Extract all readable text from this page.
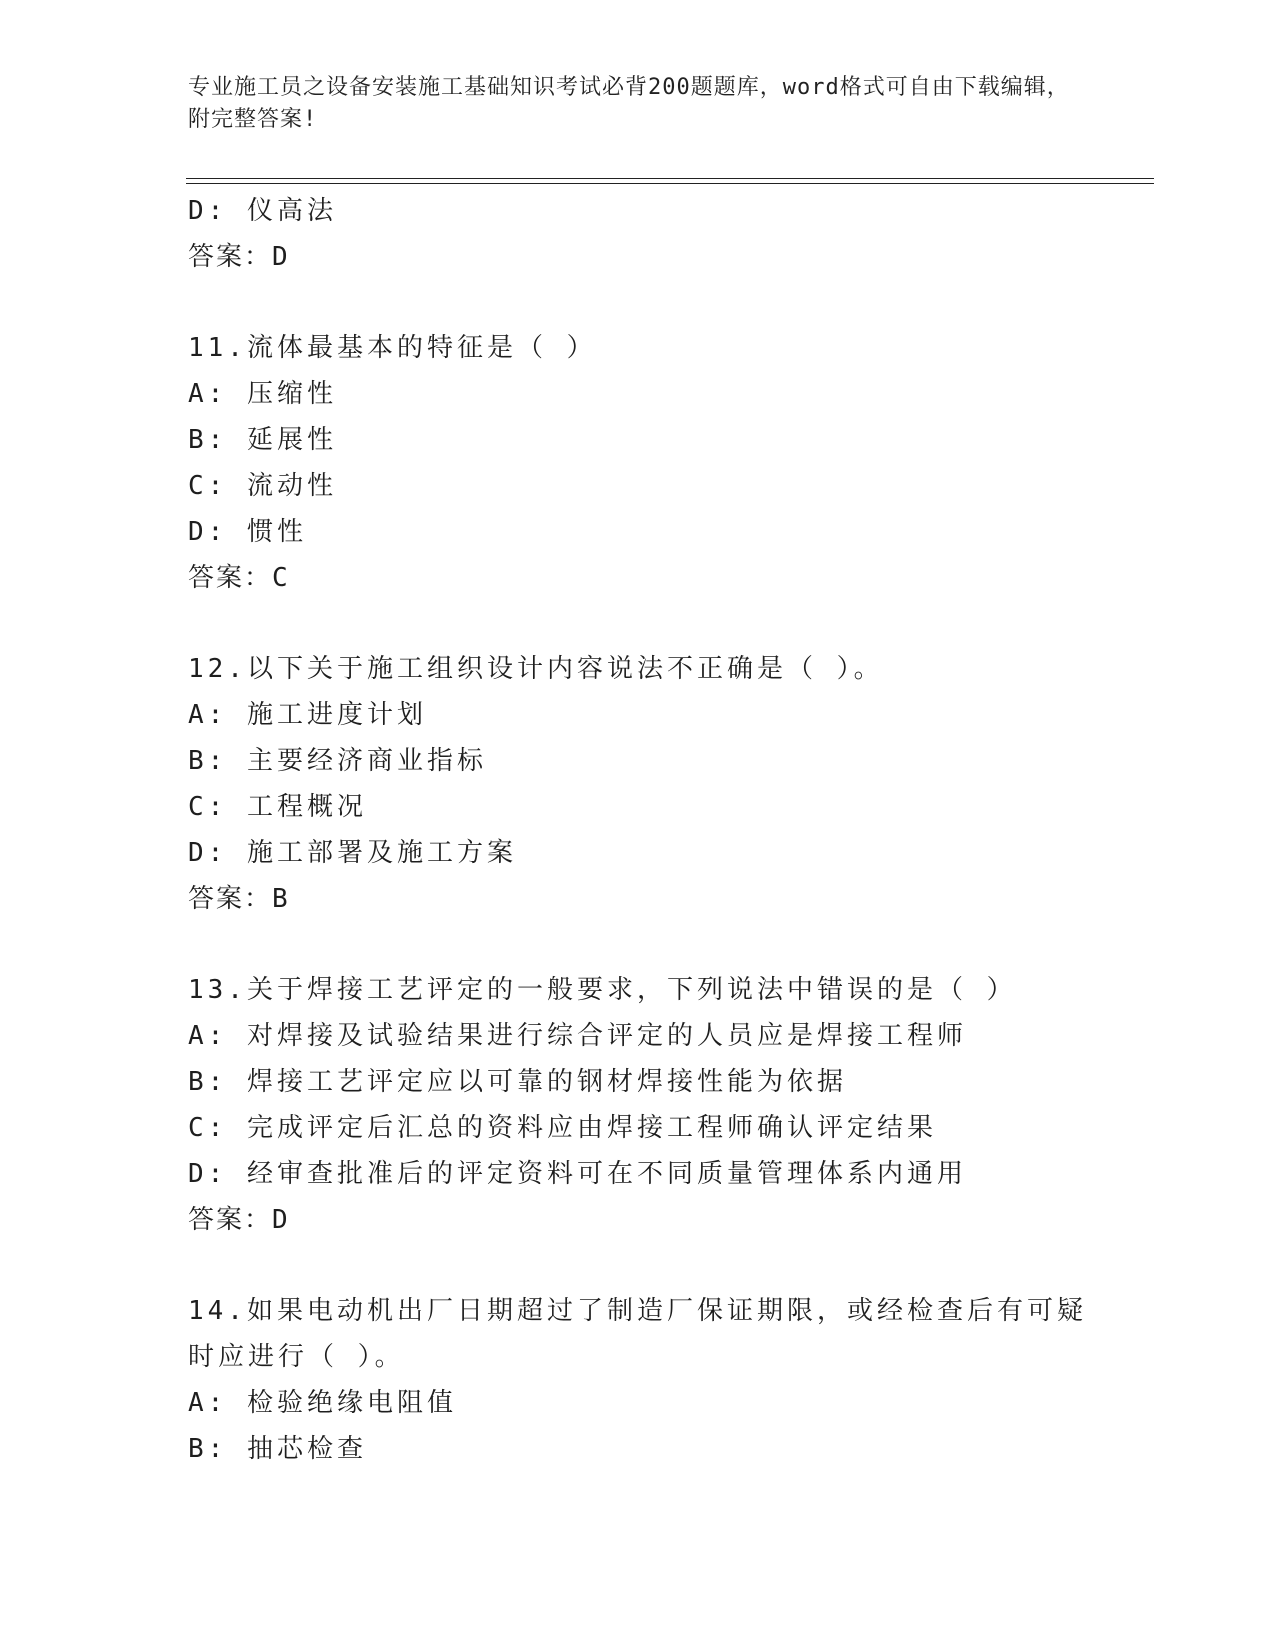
专业施工员之设备安装施工基础知识考试必背200题题库，word格式可自由下载编辑，附完整答案!
D: 仪高法
答案：D
11.流体最基本的特征是（ ）
A: 压缩性
B: 延展性
C: 流动性
D: 惯性
答案：C
12.以下关于施工组织设计内容说法不正确是（ ）。
A: 施工进度计划
B: 主要经济商业指标
C: 工程概况
D: 施工部署及施工方案
答案：B
13.关于焊接工艺评定的一般要求，下列说法中错误的是（ ）
A: 对焊接及试验结果进行综合评定的人员应是焊接工程师
B: 焊接工艺评定应以可靠的钢材焊接性能为依据
C: 完成评定后汇总的资料应由焊接工程师确认评定结果
D: 经审查批准后的评定资料可在不同质量管理体系内通用
答案：D
14.如果电动机出厂日期超过了制造厂保证期限，或经检查后有可疑时应进行（ ）。
A: 检验绝缘电阻值
B: 抽芯检查
